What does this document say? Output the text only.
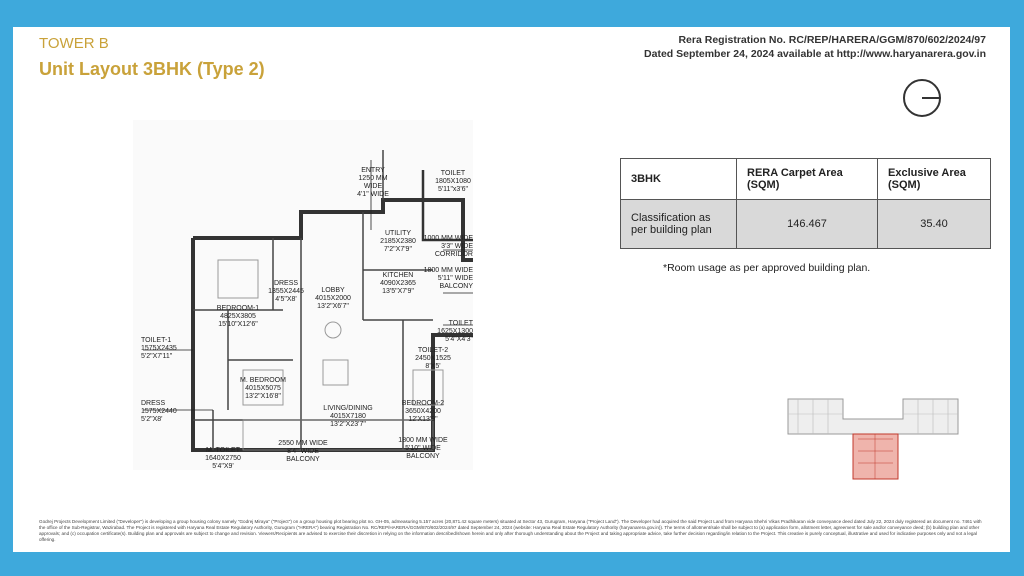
TOWER B
Unit Layout 3BHK (Type 2)
Rera Registration No. RC/REP/HARERA/GGM/870/602/2024/97
Dated September 24, 2024 available at http://www.haryanarera.gov.in
3BHK	RERA Carpet Area (SQM)	Exclusive Area (SQM)
Classification as per building plan	146.467	35.40
*Room usage as per approved building plan.
ENTRY 1250 MM WIDE 4'1" WIDE
TOILET 1805X1080 5'11"x3'6"
UTILITY 2185X2380 7'2"X7'9"
1000 MM WIDE 3'3" WIDE CORRIDOR
KITCHEN 4090X2365 13'5"X7'9"
1800 MM WIDE 5'11" WIDE BALCONY
DRESS 1355X2445 4'5"X8'
LOBBY 4015X2000 13'2"X6'7"
BEDROOM-1 4825X3805 15'10"X12'6"	TOILET 1625X1300 5'4"X4'3"
TOILET-1 1575X2435 5'2"X7'11"
TOILET-2 2450X1525 8'X5'
M. BEDROOM 4015X5075 13'2"X16'8"
DRESS 1575X2440 5'2"X8'
LIVING/DINING 4015X7180 13'2"X23'7"
BEDROOM-2 3650X4200 12'X13'9"
M. TOILET 1640X2750 5'4"X9'
2550 MM WIDE 8'4" WIDE BALCONY
1800 MM WIDE 5'10" WIDE BALCONY
Godrej Projects Development Limited ("Developer") is developing a group housing colony namely "Godrej Miraya" ("Project") on a group housing plot bearing plot no. GH-05, admeasuring 5.157 acres (20,871.42 square meters) situated at Sector 43, Gurugram, Haryana ("Project Land"). The Developer had acquired the said Project Land from Haryana Shehri Vikas Pradhikaran vide conveyance deed dated July 22, 2024 duly registered as document no. 7461 with the office of the Sub-Registrar, Wazirabad. The Project is registered with Haryana Real Estate Regulatory Authority, Gurugram ("HRERA") bearing Registration No. RC/REP/HARERA/GGM/870/602/2024/97 dated September 24, 2024 (website: Haryana Real Estate Regulatory Authority (haryanarera.gov.in)). The terms of allotment/sale shall be subject to (a) application form, allotment letter, agreement for sale and/or conveyance deed; (b) building plan and other approvals; and (c) occupation certificate(s). Building plan and approvals are subject to change and revision. Viewers/Recipients are advised to exercise their discretion in relying on the information described/shown herein and only after thorough understanding about the Project and taking appropriate advice, take further decision regarding/in relation to the Project. This creative is purely conceptual, illustrative and used for indicative purposes only and not a legal offering.
